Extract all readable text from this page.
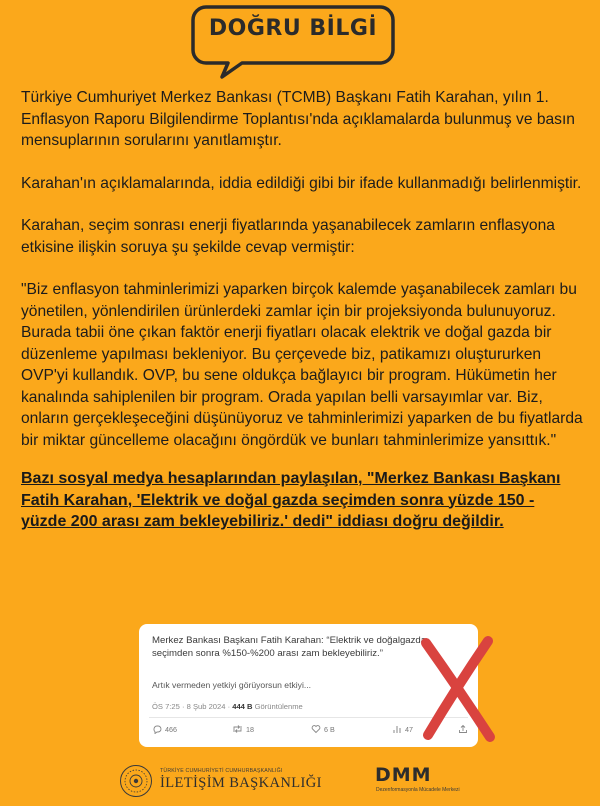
DOĞRU BİLGİ

Türkiye Cumhuriyet Merkez Bankası (TCMB) Başkanı Fatih Karahan, yılın 1. Enflasyon Raporu Bilgilendirme Toplantısı'nda açıklamalarda bulunmuş ve basın mensuplarının sorularını yanıtlamıştır.

Karahan'ın açıklamalarında, iddia edildiği gibi bir ifade kullanmadığı belirlenmiştir.

Karahan, seçim sonrası enerji fiyatlarında yaşanabilecek zamların enflasyona etkisine ilişkin soruya şu şekilde cevap vermiştir:

"Biz enflasyon tahminlerimizi yaparken birçok kalemde yaşanabilecek zamları bu yönetilen, yönlendirilen ürünlerdeki zamlar için bir projeksiyonda bulunuyoruz. Burada tabii öne çıkan faktör enerji fiyatları olacak elektrik ve doğal gazda bir düzenleme yapılması bekleniyor. Bu çerçevede biz, patikamızı oluştururken OVP'yi kullandık. OVP, bu sene oldukça bağlayıcı bir program. Hükümetin her kanalında sahiplenilen bir program. Orada yapılan belli varsayımlar var. Biz, onların gerçekleşeceğini düşünüyoruz ve tahminlerimizi yaparken de bu fiyatlarda bir miktar güncelleme olacağını öngördük ve bunları tahminlerimize yansıttık."

Bazı sosyal medya hesaplarından paylaşılan, "Merkez Bankası Başkanı Fatih Karahan, 'Elektrik ve doğal gazda seçimden sonra yüzde 150 - yüzde 200 arası zam bekleyebiliriz.' dedi" iddiası doğru değildir.

Merkez Bankası Başkanı Fatih Karahan: “Elektrik ve doğalgazda seçimden sonra %150-%200 arası zam bekleyebiliriz.”
Artık vermeden yetkiyi görüyorsun etkiyi...
ÖS 7:25 · 8 Şub 2024 · 444 B Görüntülenme
466	18	6 B	47
TÜRKİYE CUMHURİYETİ CUMHURBAŞKANLIĞI
İLETİŞİM BAŞKANLIĞI	DMM
Dezenformasyonla Mücadele Merkezi
